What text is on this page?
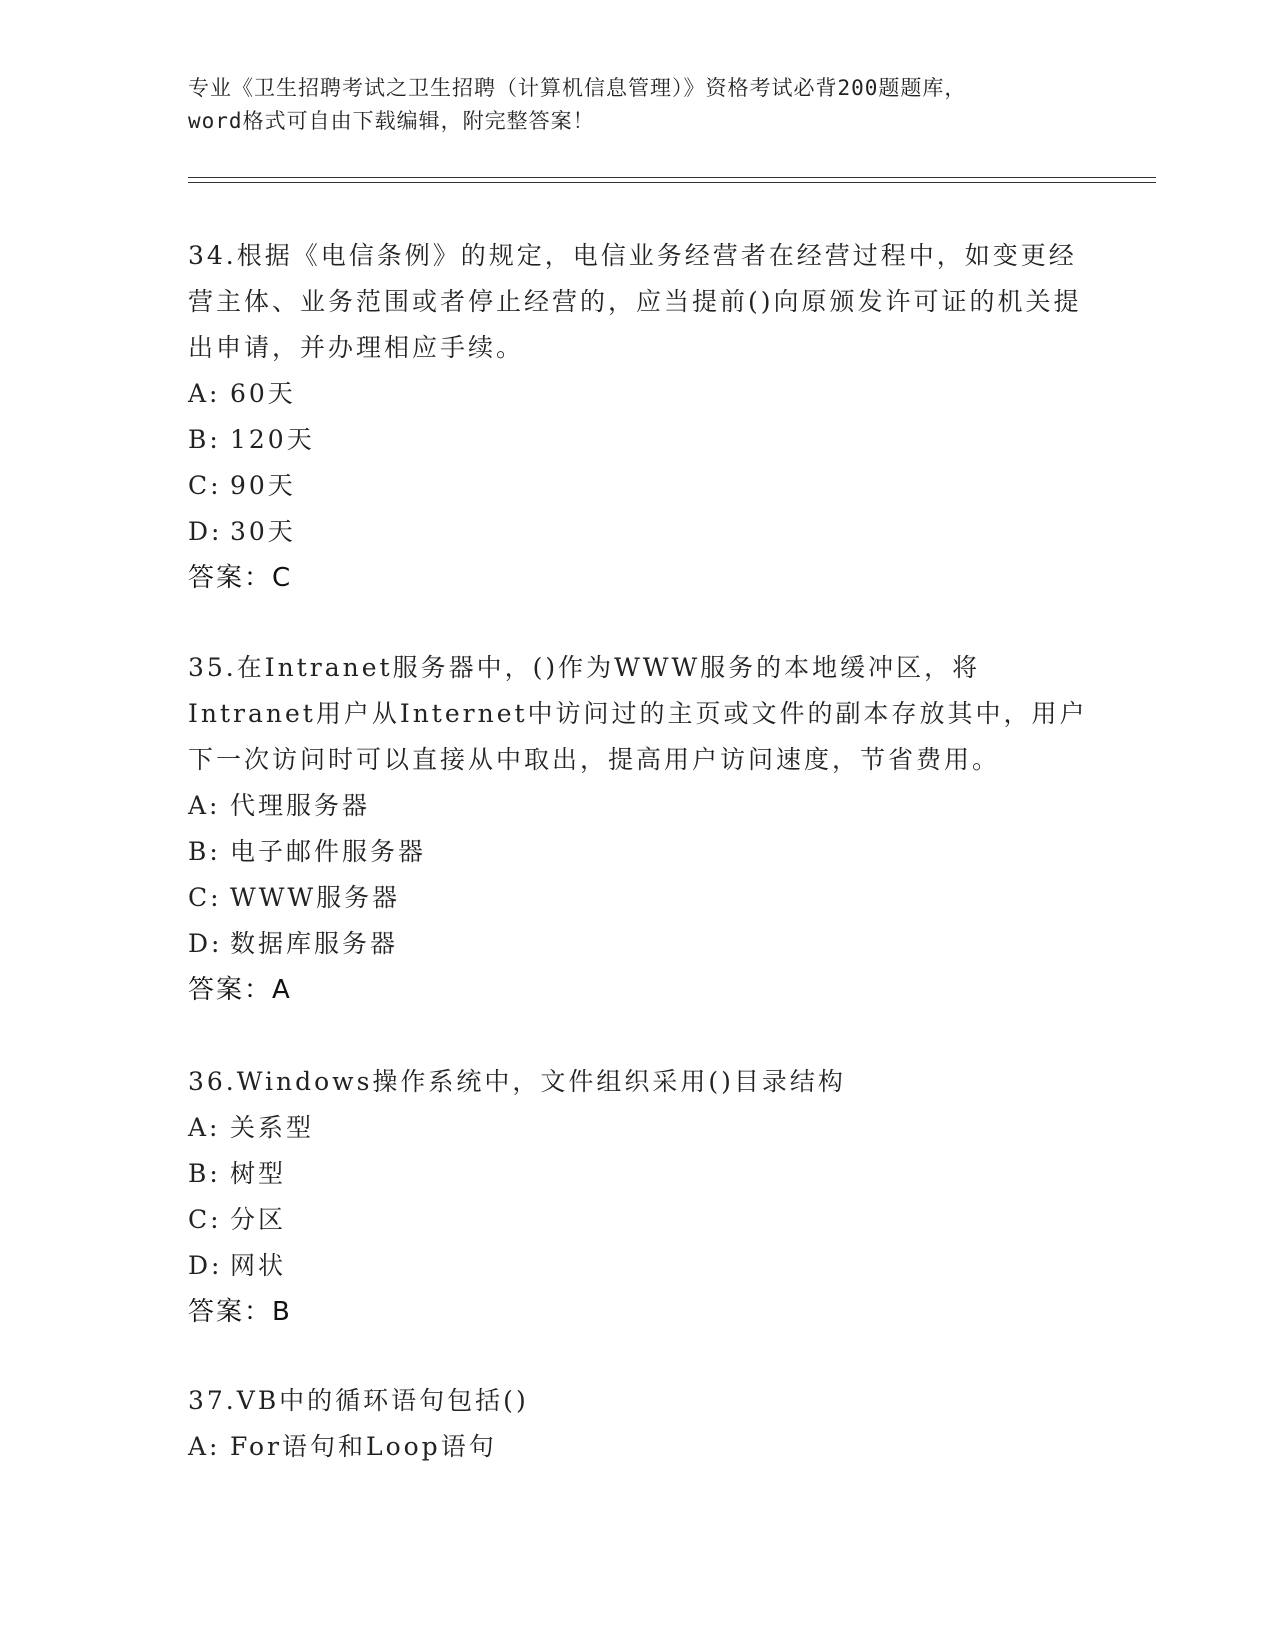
专业《卫生招聘考试之卫生招聘（计算机信息管理）》资格考试必背200题题库，
word格式可自由下载编辑，附完整答案！
34.根据《电信条例》的规定，电信业务经营者在经营过程中，如变更经营主体、业务范围或者停止经营的，应当提前()向原颁发许可证的机关提出申请，并办理相应手续。
A: 60天
B: 120天
C: 90天
D: 30天
答案：C
35.在Intranet服务器中，()作为WWW服务的本地缓冲区，将Intranet用户从Internet中访问过的主页或文件的副本存放其中，用户下一次访问时可以直接从中取出，提高用户访问速度，节省费用。
A: 代理服务器
B: 电子邮件服务器
C: WWW服务器
D: 数据库服务器
答案：A
36.Windows操作系统中，文件组织采用()目录结构
A: 关系型
B: 树型
C: 分区
D: 网状
答案：B
37.VB中的循环语句包括()
A: For语句和Loop语句
